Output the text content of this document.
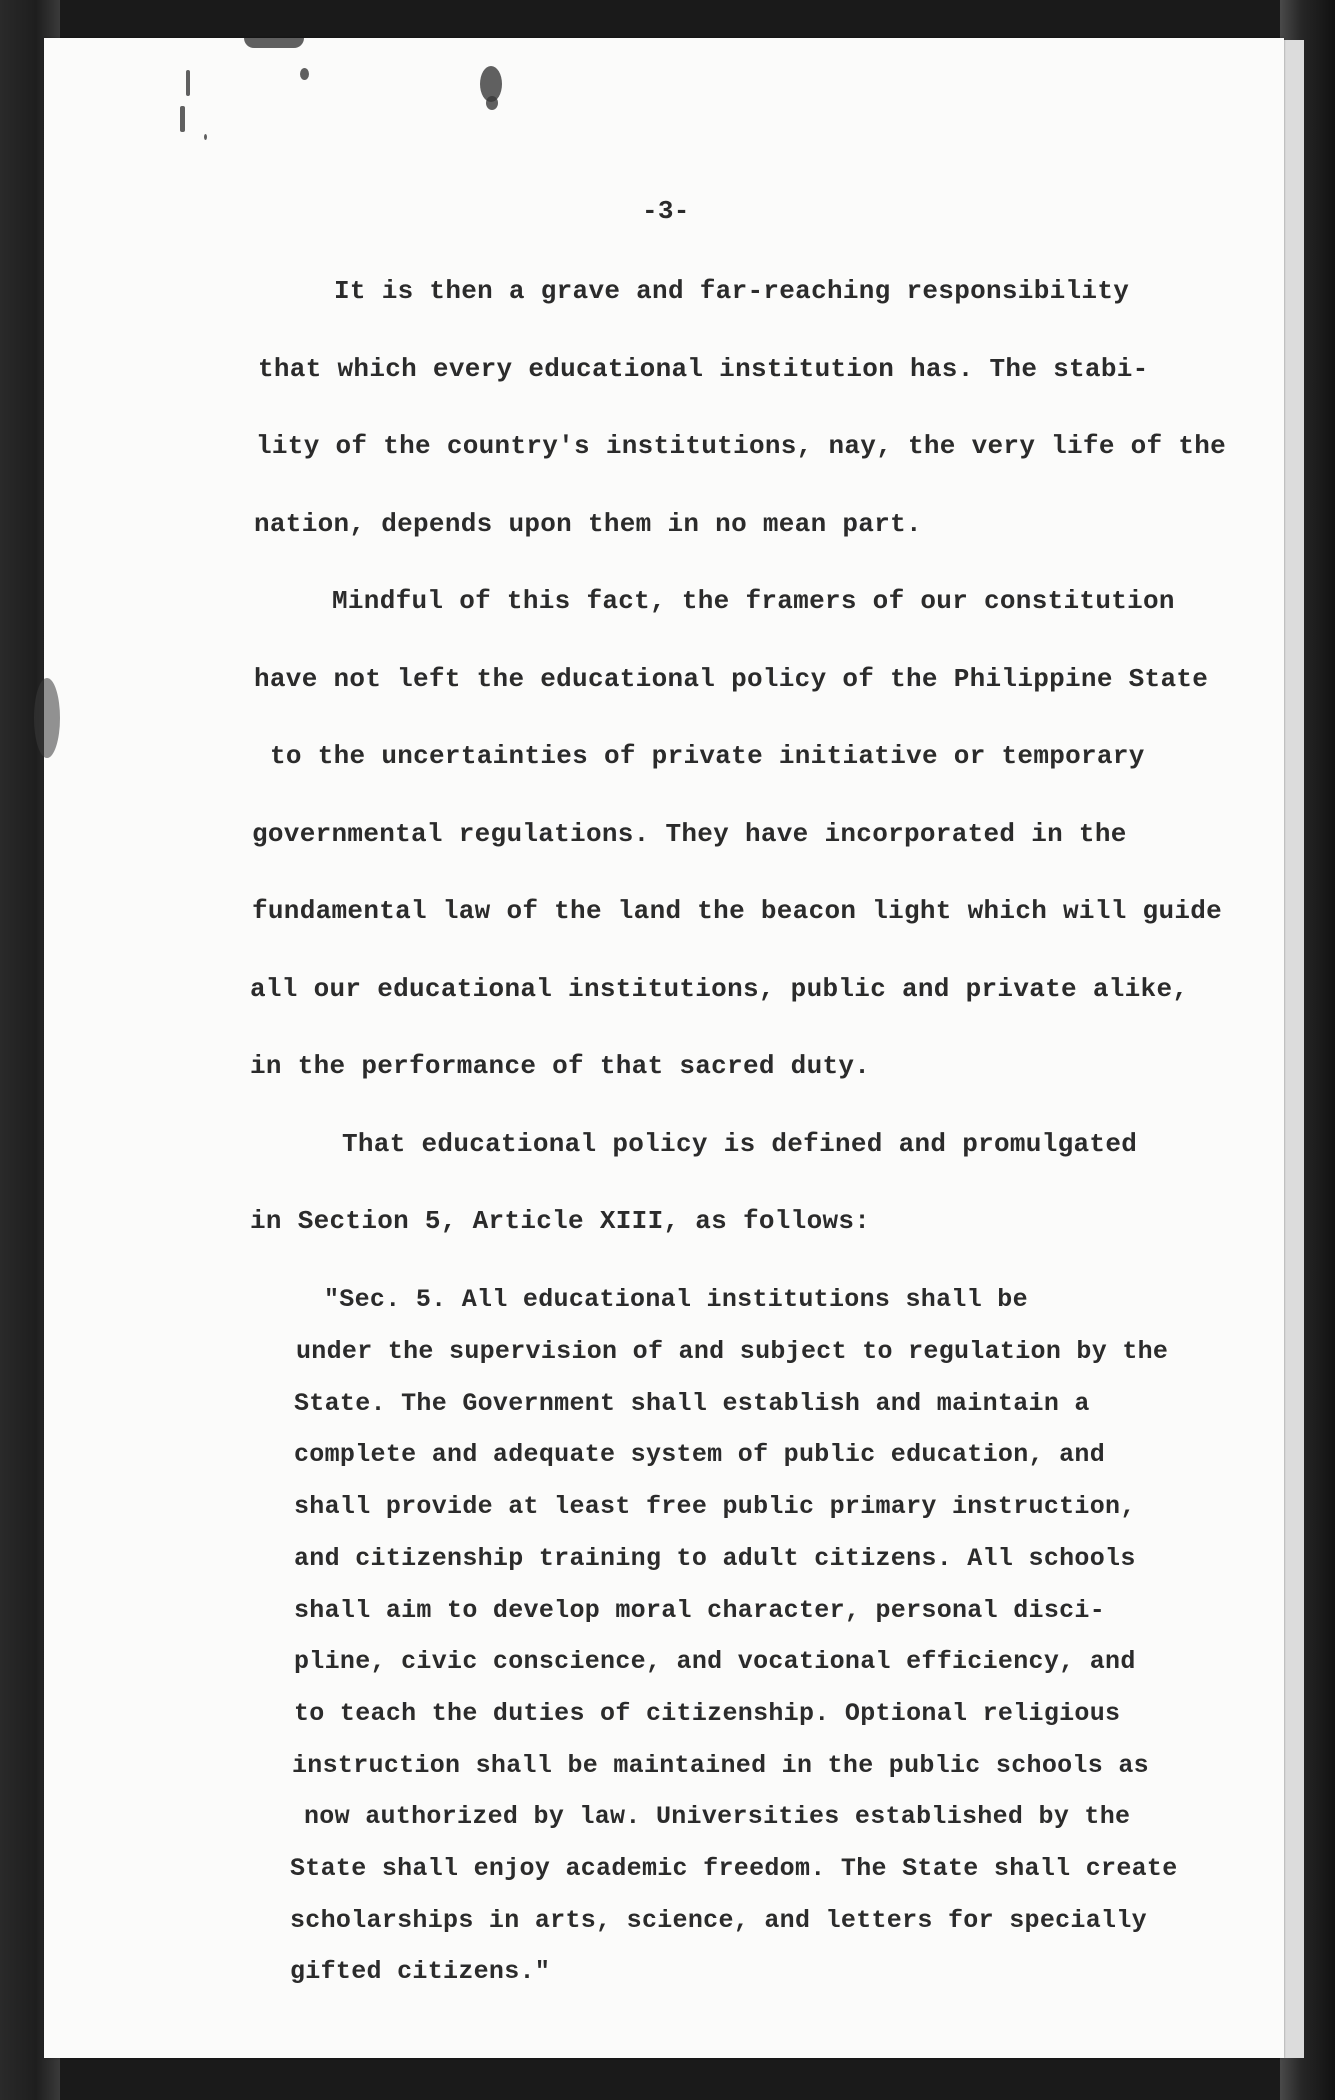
-3-
It is then a grave and far-reaching responsibility
that which every educational institution has. The stabi-
lity of the country's institutions, nay, the very life of the
nation, depends upon them in no mean part.
Mindful of this fact, the framers of our constitution
have not left the educational policy of the Philippine State
to the uncertainties of private initiative or temporary
governmental regulations. They have incorporated in the
fundamental law of the land the beacon light which will guide
all our educational institutions, public and private alike,
in the performance of that sacred duty.
That educational policy is defined and promulgated
in Section 5, Article XIII, as follows:
"Sec. 5. All educational institutions shall be
under the supervision of and subject to regulation by the
State. The Government shall establish and maintain a
complete and adequate system of public education, and
shall provide at least free public primary instruction,
and citizenship training to adult citizens. All schools
shall aim to develop moral character, personal disci-
pline, civic conscience, and vocational efficiency, and
to teach the duties of citizenship. Optional religious
instruction shall be maintained in the public schools as
now authorized by law. Universities established by the
State shall enjoy academic freedom. The State shall create
scholarships in arts, science, and letters for specially
gifted citizens."
